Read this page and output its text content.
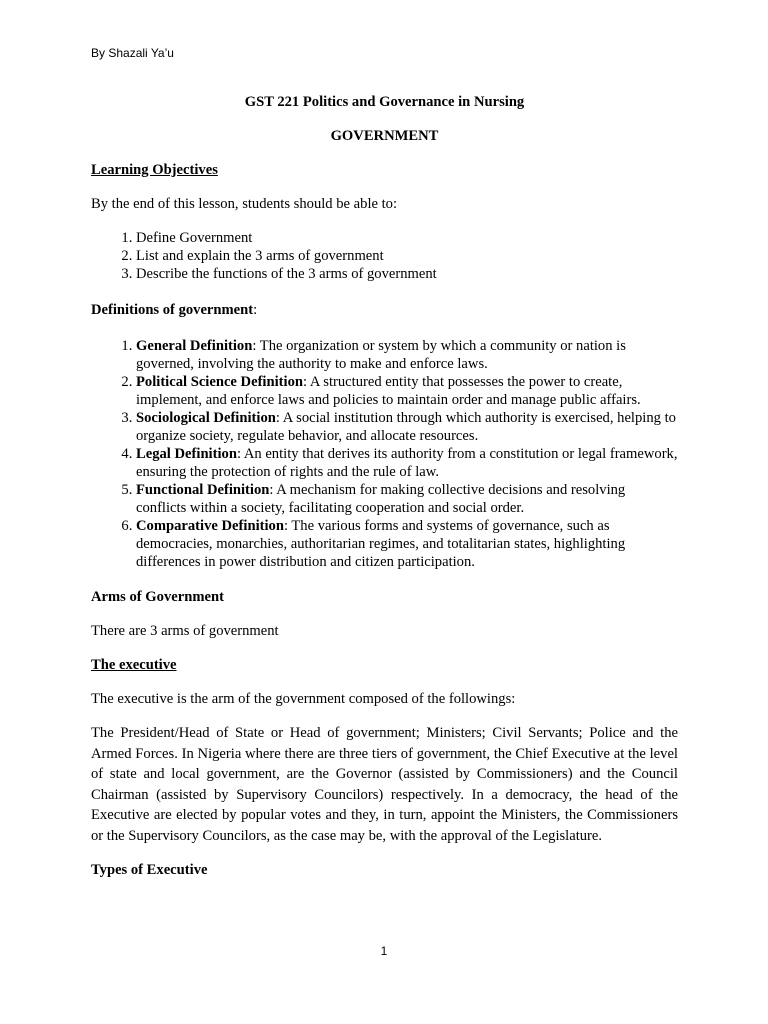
By Shazali Ya’u

GST 221 Politics and Governance in Nursing

GOVERNMENT

Learning Objectives

By the end of this lesson, students should be able to:

1. Define Government
2. List and explain the 3 arms of government
3. Describe the functions of the 3 arms of government

Definitions of government:

1. General Definition: The organization or system by which a community or nation is governed, involving the authority to make and enforce laws.
2. Political Science Definition: A structured entity that possesses the power to create, implement, and enforce laws and policies to maintain order and manage public affairs.
3. Sociological Definition: A social institution through which authority is exercised, helping to organize society, regulate behavior, and allocate resources.
4. Legal Definition: An entity that derives its authority from a constitution or legal framework, ensuring the protection of rights and the rule of law.
5. Functional Definition: A mechanism for making collective decisions and resolving conflicts within a society, facilitating cooperation and social order.
6. Comparative Definition: The various forms and systems of governance, such as democracies, monarchies, authoritarian regimes, and totalitarian states, highlighting differences in power distribution and citizen participation.

Arms of Government

There are 3 arms of government

The executive

The executive is the arm of the government composed of the followings:

The President/Head of State or Head of government; Ministers; Civil Servants; Police and the Armed Forces. In Nigeria where there are three tiers of government, the Chief Executive at the level of state and local government, are the Governor (assisted by Commissioners) and the Council Chairman (assisted by Supervisory Councilors) respectively. In a democracy, the head of the Executive are elected by popular votes and they, in turn, appoint the Ministers, the Commissioners or the Supervisory Councilors, as the case may be, with the approval of the Legislature.

Types of Executive

1
